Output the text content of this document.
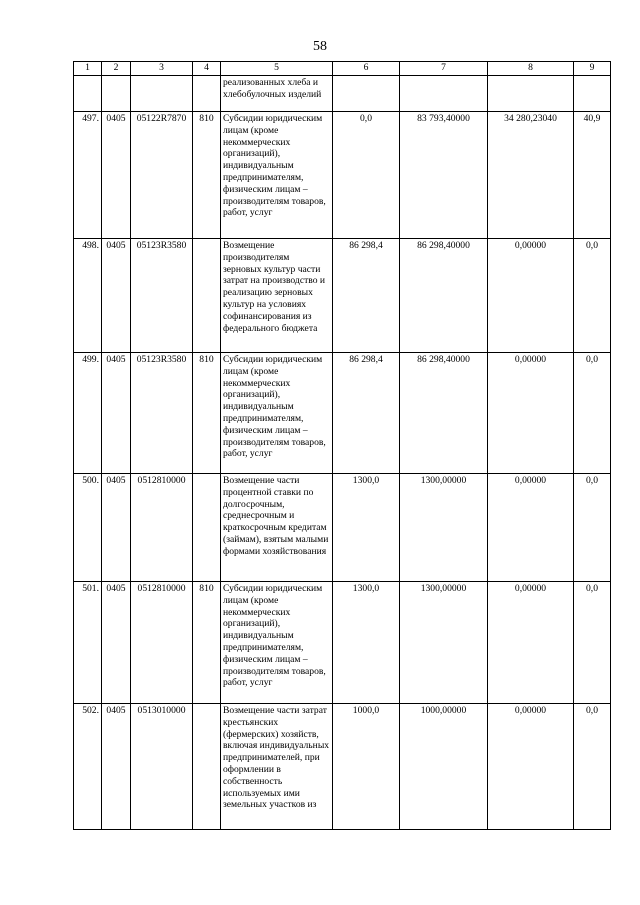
58
1	2	3	4	5	6	7	8	9
				реализованных хлеба и хлебобулочных изделий				
497.	0405	05122R7870	810	Субсидии юридическим лицам (кроме некоммерческих организаций), индивидуальным предпринимателям, физическим лицам – производителям товаров, работ, услуг	0,0	83 793,40000	34 280,23040	40,9
498.	0405	05123R3580		Возмещение производителям зерновых культур части затрат на производство и реализацию зерновых культур на условиях софинансирования из федерального бюджета	86 298,4	86 298,40000	0,00000	0,0
499.	0405	05123R3580	810	Субсидии юридическим лицам (кроме некоммерческих организаций), индивидуальным предпринимателям, физическим лицам – производителям товаров, работ, услуг	86 298,4	86 298,40000	0,00000	0,0
500.	0405	0512810000		Возмещение части процентной ставки по долгосрочным, среднесрочным и краткосрочным кредитам (займам), взятым малыми формами хозяйствования	1300,0	1300,00000	0,00000	0,0
501.	0405	0512810000	810	Субсидии юридическим лицам (кроме некоммерческих организаций), индивидуальным предпринимателям, физическим лицам – производителям товаров, работ, услуг	1300,0	1300,00000	0,00000	0,0
502.	0405	0513010000		Возмещение части затрат крестьянских (фермерских) хозяйств, включая индивидуальных предпринимателей, при оформлении в собственность используемых ими земельных участков из	1000,0	1000,00000	0,00000	0,0
